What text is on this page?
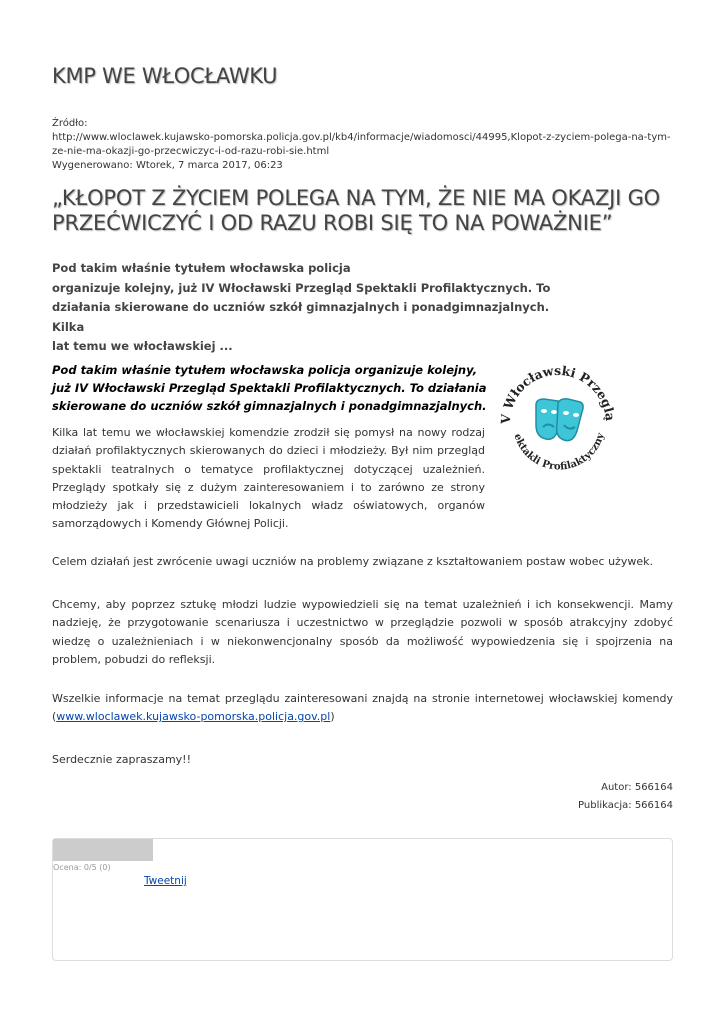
KMP WE WŁOCŁAWKU
Źródło:
http://www.wloclawek.kujawsko-pomorska.policja.gov.pl/kb4/informacje/wiadomosci/44995,Klopot-z-zyciem-polega-na-tym-ze-nie-ma-okazji-go-przecwiczyc-i-od-razu-robi-sie.html
Wygenerowano: Wtorek, 7 marca 2017, 06:23
„KŁOPOT Z ŻYCIEM POLEGA NA TYM, ŻE NIE MA OKAZJI GO PRZEĆWICZYĆ I OD RAZU ROBI SIĘ TO NA POWAŻNIE”
Pod takim właśnie tytułem włocławska policja
organizuje kolejny, już IV Włocławski Przegląd Spektakli Profilaktycznych. To
działania skierowane do uczniów szkół gimnazjalnych i ponadgimnazjalnych.
Kilka
lat temu we włocławskiej ...
Pod takim właśnie tytułem włocławska policja organizuje kolejny, już IV Włocławski Przegląd Spektakli Profilaktycznych. To działania skierowane do uczniów szkół gimnazjalnych i ponadgimnazjalnych.
V Włocławski Przeglą
ektakli Profilaktyczny
Kilka lat temu we włocławskiej komendzie zrodził się pomysł na nowy rodzaj działań profilaktycznych skierowanych do dzieci i młodzieży. Był nim przegląd spektakli teatralnych o tematyce profilaktycznej dotyczącej uzależnień. Przeglądy spotkały się z dużym zainteresowaniem i to zarówno ze strony młodzieży jak i przedstawicieli lokalnych władz oświatowych, organów samorządowych i Komendy Głównej Policji.
Celem działań jest zwrócenie uwagi uczniów na problemy związane z kształtowaniem postaw wobec używek.
Chcemy, aby poprzez sztukę młodzi ludzie wypowiedzieli się na temat uzależnień i ich konsekwencji. Mamy nadzieję, że przygotowanie scenariusza i uczestnictwo w przeglądzie pozwoli w sposób atrakcyjny zdobyć wiedzę o uzależnieniach i w niekonwencjonalny sposób da możliwość wypowiedzenia się i spojrzenia na problem, pobudzi do refleksji.
Wszelkie informacje na temat przeglądu zainteresowani znajdą na stronie internetowej włocławskiej komendy (www.wloclawek.kujawsko-pomorska.policja.gov.pl)
Serdecznie zapraszamy!!
Autor: 566164
Publikacja: 566164
Ocena: 0/5 (0)
Tweetnij
